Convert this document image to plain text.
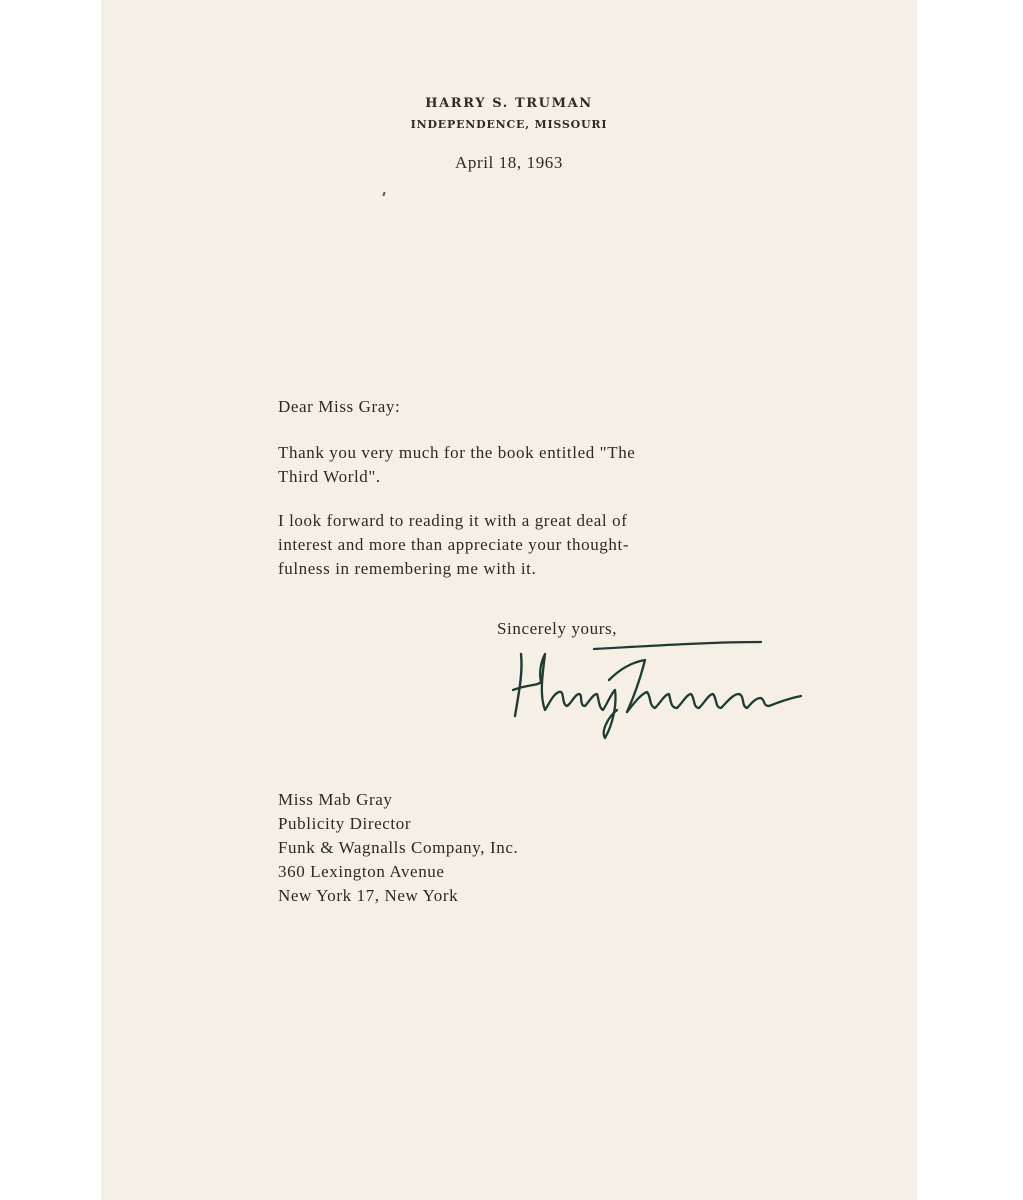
HARRY S. TRUMAN
INDEPENDENCE, MISSOURI
April 18, 1963
Dear Miss Gray:
Thank you very much for the book entitled "The
Third World".
I look forward to reading it with a great deal of
interest and more than appreciate your thought-
fulness in remembering me with it.
Sincerely yours,
Miss Mab Gray
Publicity Director
Funk & Wagnalls Company, Inc.
360 Lexington Avenue
New York 17, New York
